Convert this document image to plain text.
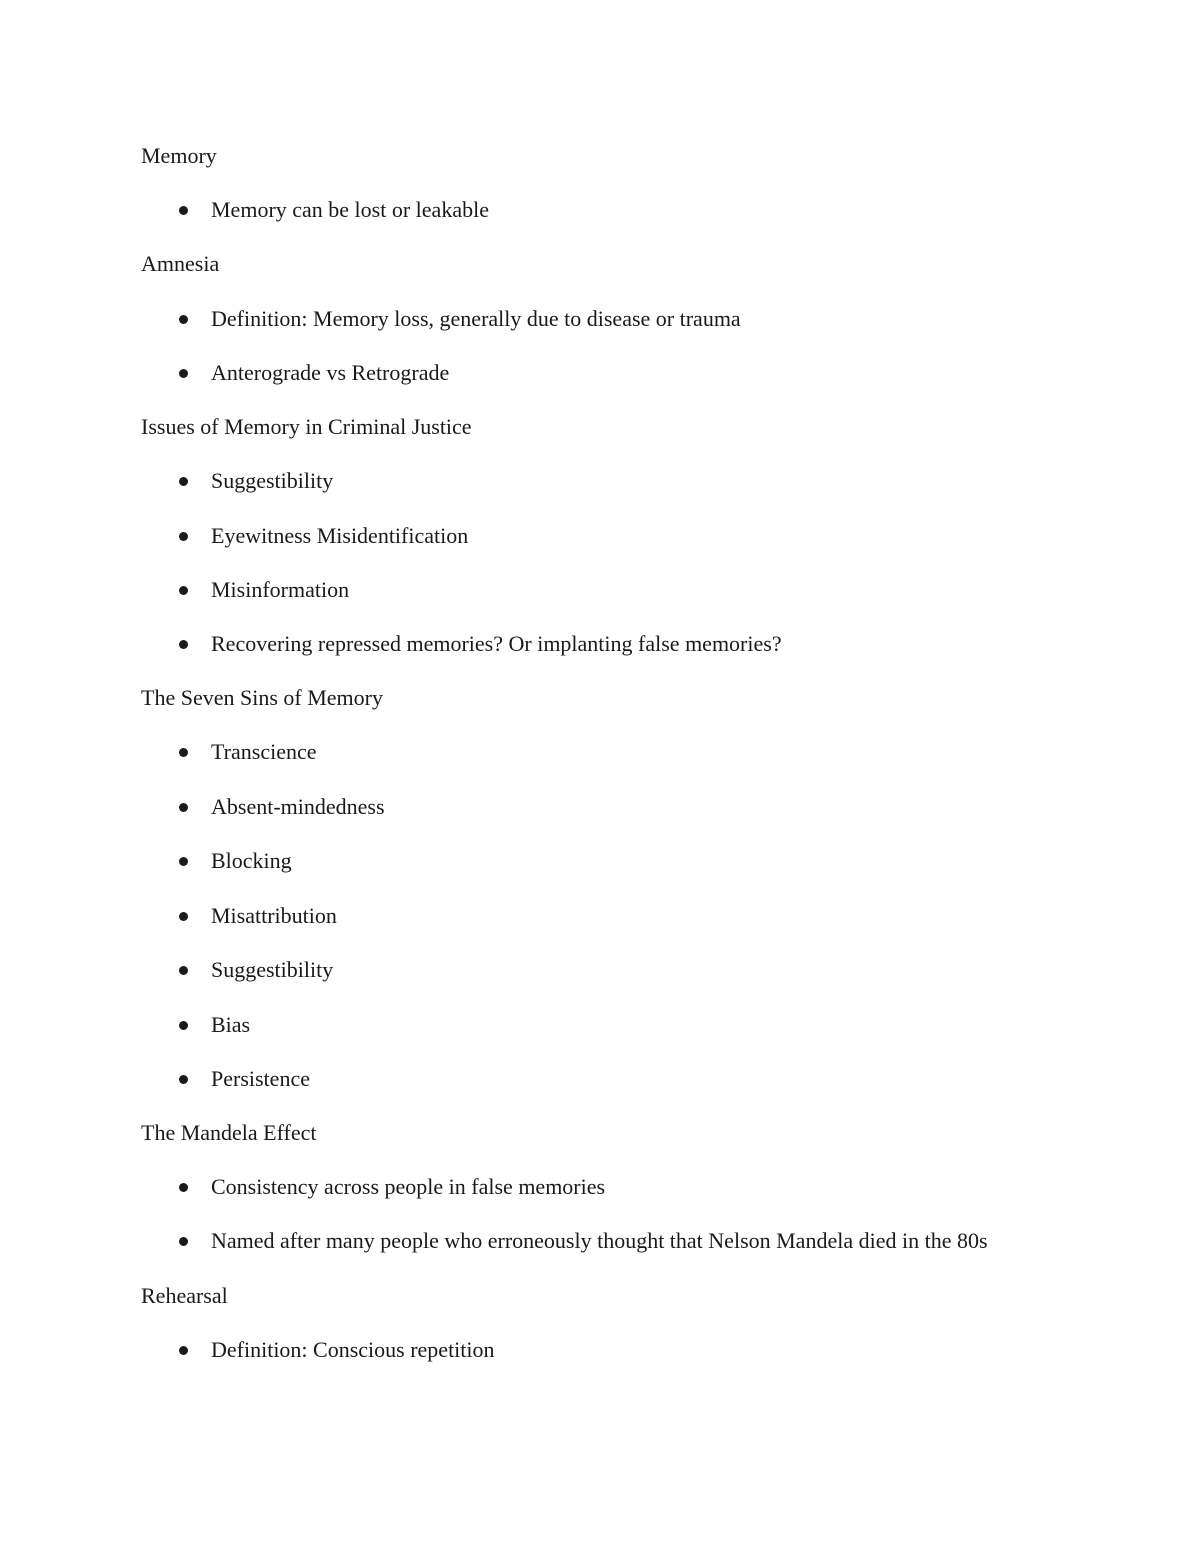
Memory
Memory can be lost or leakable
Amnesia
Definition: Memory loss, generally due to disease or trauma
Anterograde vs Retrograde
Issues of Memory in Criminal Justice
Suggestibility
Eyewitness Misidentification
Misinformation
Recovering repressed memories? Or implanting false memories?
The Seven Sins of Memory
Transcience
Absent-mindedness
Blocking
Misattribution
Suggestibility
Bias
Persistence
The Mandela Effect
Consistency across people in false memories
Named after many people who erroneously thought that Nelson Mandela died in the 80s
Rehearsal
Definition: Conscious repetition
